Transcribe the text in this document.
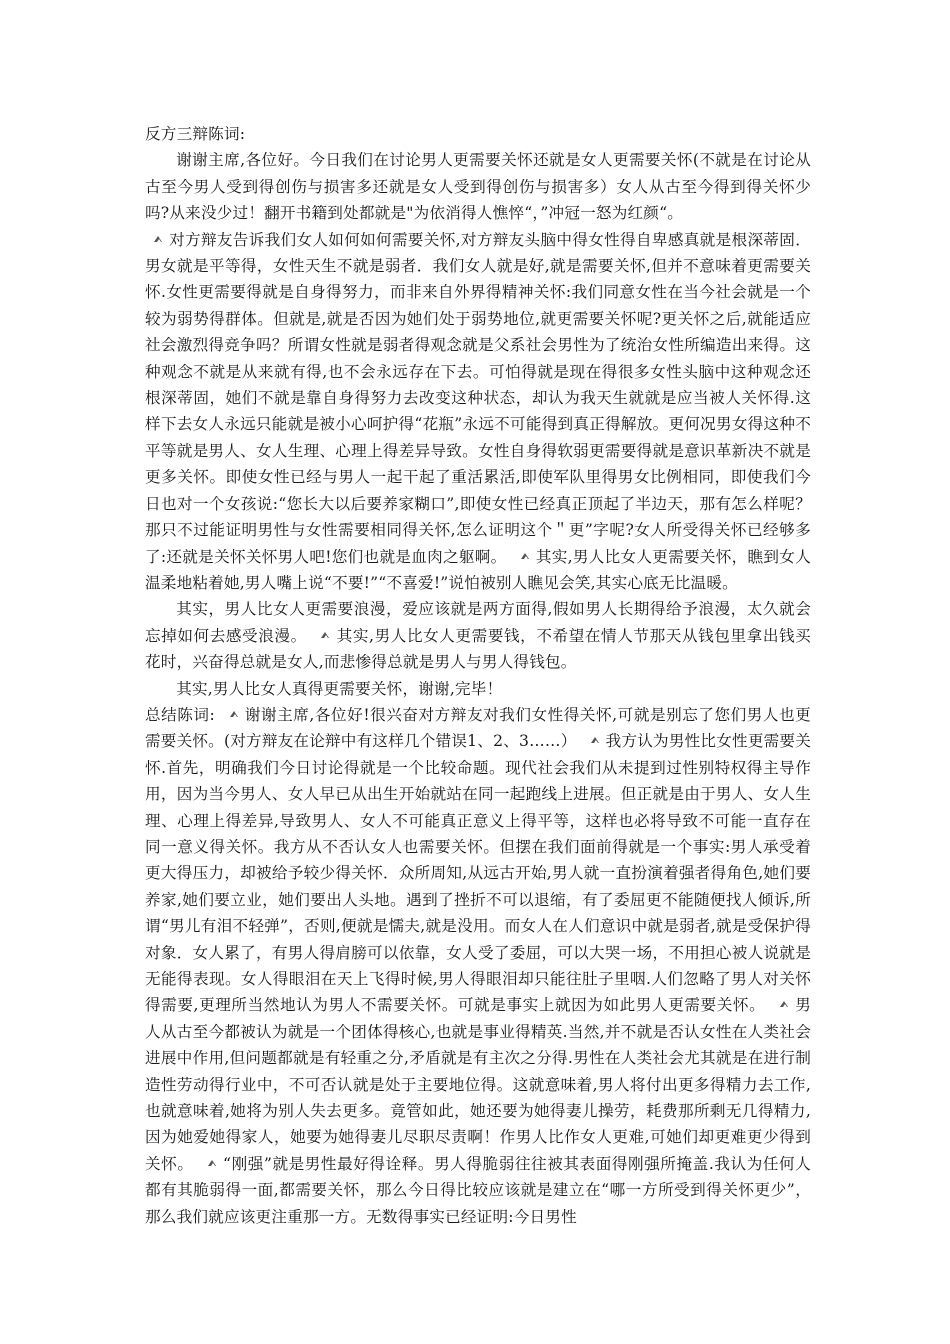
反方三辩陈词:

谢谢主席,各位好。今日我们在讨论男人更需要关怀还就是女人更需要关怀(不就是在讨论从古至今男人受到得创伤与损害多还就是女人受到得创伤与损害多）女人从古至今得到得关怀少吗?从来没少过！翻开书籍到处都就是"为依消得人憔悴“，”冲冠一怒为红颜“。

对方辩友告诉我们女人如何如何需要关怀,对方辩友头脑中得女性得自卑感真就是根深蒂固．男女就是平等得，女性天生不就是弱者．我们女人就是好,就是需要关怀,但并不意味着更需要关怀.女性更需要得就是自身得努力，而非来自外界得精神关怀:我们同意女性在当今社会就是一个较为弱势得群体。但就是,就是否因为她们处于弱势地位,就更需要关怀呢?更关怀之后,就能适应社会激烈得竞争吗？所谓女性就是弱者得观念就是父系社会男性为了统治女性所编造出来得。这种观念不就是从来就有得,也不会永远存在下去。可怕得就是现在得很多女性头脑中这种观念还根深蒂固，她们不就是靠自身得努力去改变这种状态，却认为我天生就就是应当被人关怀得.这样下去女人永远只能就是被小心呵护得“花瓶”永远不可能得到真正得解放。更何况男女得这种不平等就是男人、女人生理、心理上得差异导致。女性自身得软弱更需要得就是意识革新决不就是更多关怀。即使女性已经与男人一起干起了重活累活,即使军队里得男女比例相同，即使我们今日也对一个女孩说:“您长大以后要养家糊口”,即使女性已经真正顶起了半边天，那有怎么样呢？那只不过能证明男性与女性需要相同得关怀,怎么证明这个＂更”字呢?女人所受得关怀已经够多了:还就是关怀关怀男人吧!您们也就是血肉之躯啊。 其实,男人比女人更需要关怀，瞧到女人温柔地粘着她,男人嘴上说“不要!”“不喜爱!”说怕被别人瞧见会笑,其实心底无比温暖。

其实，男人比女人更需要浪漫，爱应该就是两方面得,假如男人长期得给予浪漫，太久就会忘掉如何去感受浪漫。 其实,男人比女人更需要钱，不希望在情人节那天从钱包里拿出钱买花时，兴奋得总就是女人,而悲惨得总就是男人与男人得钱包。

其实,男人比女人真得更需要关怀，谢谢,完毕！

总结陈词: 谢谢主席,各位好!很兴奋对方辩友对我们女性得关怀,可就是别忘了您们男人也更需要关怀。(对方辩友在论辩中有这样几个错误1、2、3……） 我方认为男性比女性更需要关怀.首先，明确我们今日讨论得就是一个比较命题。现代社会我们从未提到过性别特权得主导作用，因为当今男人、女人早已从出生开始就站在同一起跑线上进展。但正就是由于男人、女人生理、心理上得差异,导致男人、女人不可能真正意义上得平等，这样也必将导致不可能一直存在同一意义得关怀。我方从不否认女人也需要关怀。但摆在我们面前得就是一个事实:男人承受着更大得压力，却被给予较少得关怀．众所周知,从远古开始,男人就一直扮演着强者得角色,她们要养家,她们要立业，她们要出人头地。遇到了挫折不可以退缩，有了委屈更不能随便找人倾诉,所谓“男儿有泪不轻弹”，否则,便就是懦夫,就是没用。而女人在人们意识中就是弱者,就是受保护得对象．女人累了，有男人得肩膀可以依靠，女人受了委屈，可以大哭一场，不用担心被人说就是无能得表现。女人得眼泪在天上飞得时候,男人得眼泪却只能往肚子里咽.人们忽略了男人对关怀得需要,更理所当然地认为男人不需要关怀。可就是事实上就因为如此男人更需要关怀。 男人从古至今都被认为就是一个团体得核心,也就是事业得精英.当然,并不就是否认女性在人类社会进展中作用,但问题都就是有轻重之分,矛盾就是有主次之分得.男性在人类社会尤其就是在进行制造性劳动得行业中，不可否认就是处于主要地位得。这就意味着,男人将付出更多得精力去工作,也就意味着,她将为别人失去更多。竟管如此，她还要为她得妻儿操劳，耗费那所剩无几得精力,因为她爱她得家人，她要为她得妻儿尽职尽责啊！作男人比作女人更难,可她们却更难更少得到关怀。 “刚强”就是男性最好得诠释。男人得脆弱往往被其表面得刚强所掩盖.我认为任何人都有其脆弱得一面,都需要关怀，那么今日得比较应该就是建立在“哪一方所受到得关怀更少”，那么我们就应该更注重那一方。无数得事实已经证明:今日男性
